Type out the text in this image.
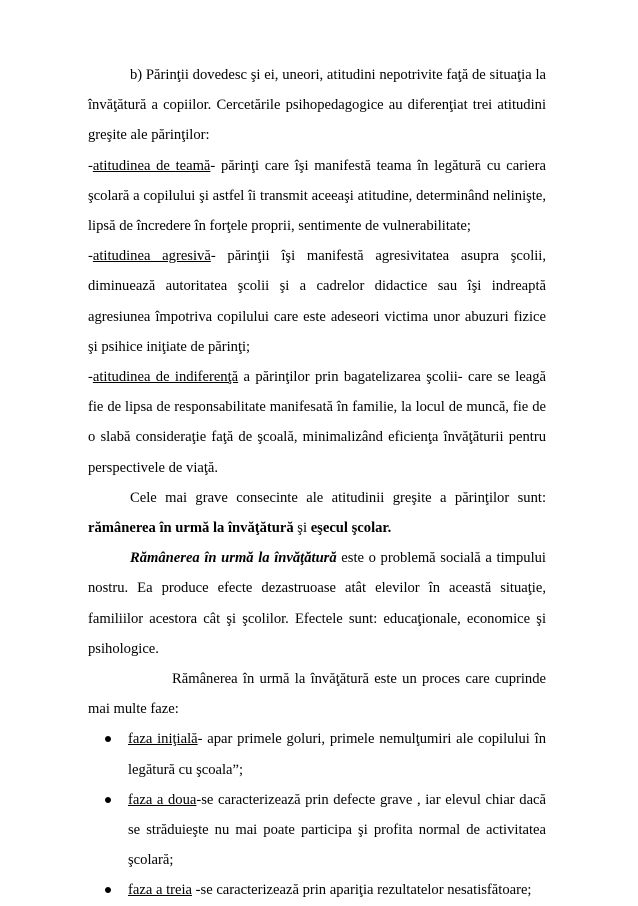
b) Părinţii dovedesc şi ei, uneori, atitudini nepotrivite faţă de situaţia la învăţătură a copiilor. Cercetările psihopedagogice au diferenţiat trei atitudini greşite ale părinţilor:

-atitudinea de teamă- părinţi care îşi manifestă teama în legătură cu cariera şcolară a copilului şi astfel îi transmit aceeaşi atitudine, determinând nelinişte, lipsă de încredere în forţele proprii, sentimente de vulnerabilitate;

-atitudinea agresivă- părinţii îşi manifestă agresivitatea asupra şcolii, diminuează autoritatea şcolii şi a cadrelor didactice sau îşi indreaptă agresiunea împotriva copilului care este adeseori victima unor abuzuri fizice şi psihice iniţiate de părinţi;

-atitudinea de indiferenţă a părinţilor prin bagatelizarea şcolii- care se leagă fie de lipsa de responsabilitate manifesată în familie, la locul de muncă, fie de o slabă consideraţie faţă de şcoală, minimalizând eficienţa învăţăturii pentru perspectivele de viaţă.

Cele mai grave consecinte ale atitudinii greşite a părinţilor sunt: rămânerea în urmă la învăţătură şi eşecul şcolar.

Rămânerea în urmă la învăţătură este o problemă socială a timpului nostru. Ea produce efecte dezastruoase atât elevilor în această situaţie, familiilor acestora cât şi şcolilor. Efectele sunt: educaţionale, economice şi psihologice.

Rămânerea în urmă la învăţătură este un proces care cuprinde mai multe faze:

faza iniţială- apar primele goluri, primele nemulţumiri ale copilului în legătură cu şcoala”;
faza a doua-se caracterizează prin defecte grave , iar elevul chiar dacă se străduieşte nu mai poate participa şi profita normal de activitatea şcolară;
faza a treia -se caracterizează prin apariţia rezultatelor nesatisfătoare;
